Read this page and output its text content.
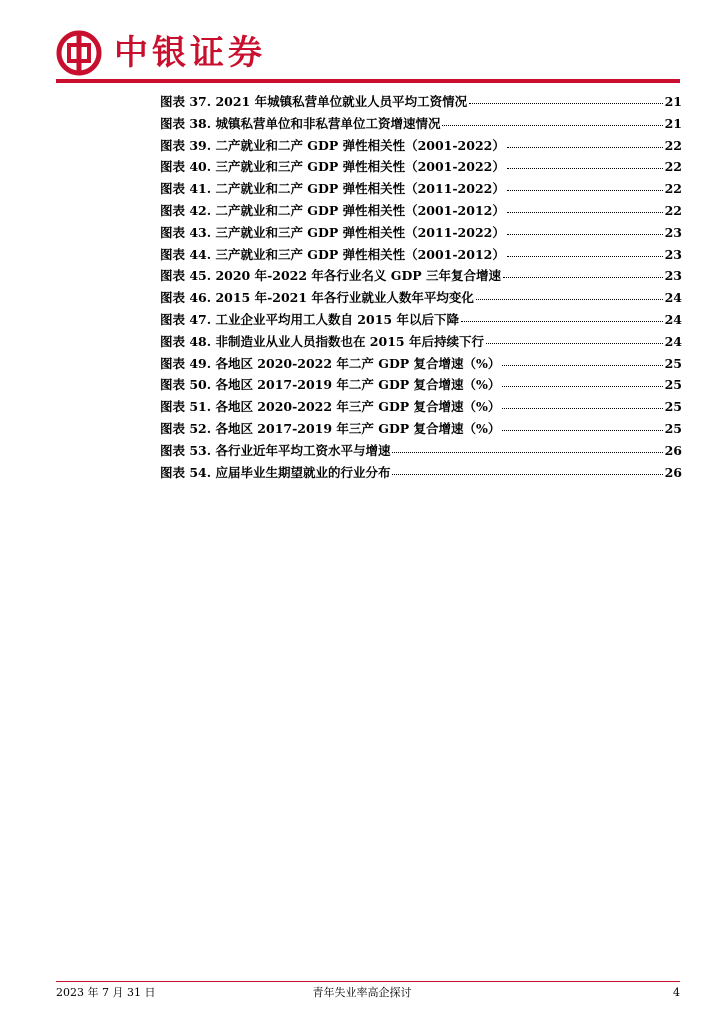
中银证券
图表 37. 2021 年城镇私营单位就业人员平均工资情况	21
图表 38. 城镇私营单位和非私营单位工资增速情况	21
图表 39. 二产就业和二产 GDP 弹性相关性（2001-2022）	22
图表 40. 三产就业和三产 GDP 弹性相关性（2001-2022）	22
图表 41. 二产就业和二产 GDP 弹性相关性（2011-2022）	22
图表 42. 二产就业和二产 GDP 弹性相关性（2001-2012）	22
图表 43. 三产就业和三产 GDP 弹性相关性（2011-2022）	23
图表 44. 三产就业和三产 GDP 弹性相关性（2001-2012）	23
图表 45. 2020 年-2022 年各行业名义 GDP 三年复合增速	23
图表 46. 2015 年-2021 年各行业就业人数年平均变化	24
图表 47. 工业企业平均用工人数自 2015 年以后下降	24
图表 48. 非制造业从业人员指数也在 2015 年后持续下行	24
图表 49. 各地区 2020-2022 年二产 GDP 复合增速（%）	25
图表 50. 各地区 2017-2019 年二产 GDP 复合增速（%）	25
图表 51. 各地区 2020-2022 年三产 GDP 复合增速（%）	25
图表 52. 各地区 2017-2019 年三产 GDP 复合增速（%）	25
图表 53. 各行业近年平均工资水平与增速	26
图表 54. 应届毕业生期望就业的行业分布	26
2023 年 7 月 31 日	青年失业率高企探讨	4
